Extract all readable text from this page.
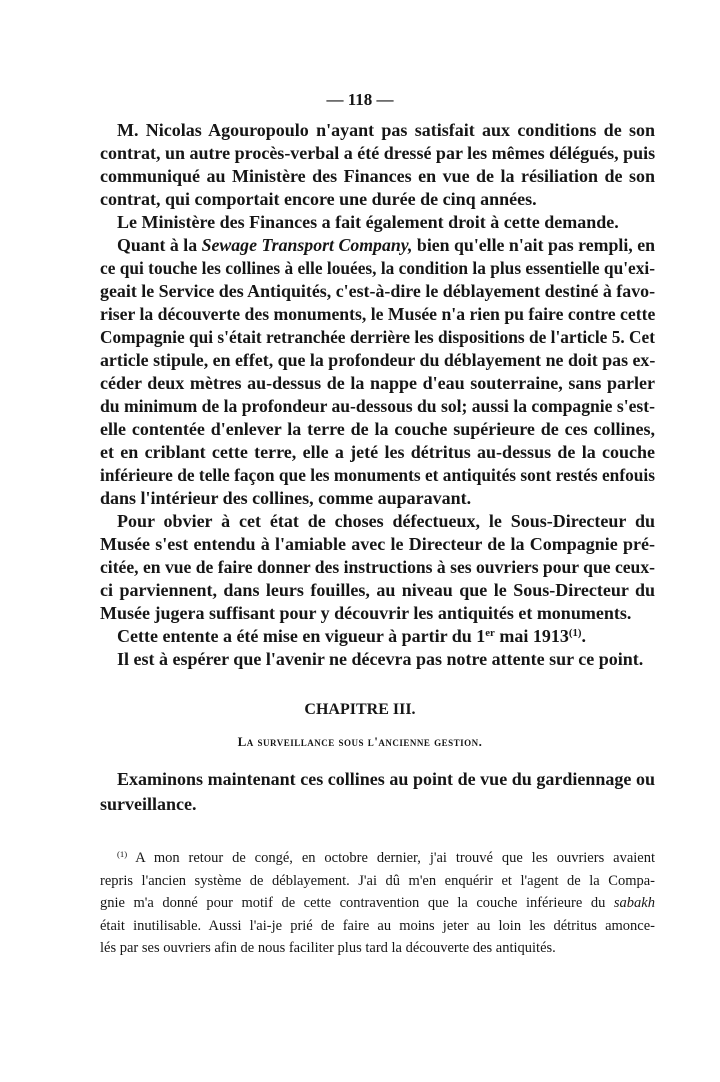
— 118 —
M. Nicolas Agouropoulo n'ayant pas satisfait aux conditions de son
contrat, un autre procès-verbal a été dressé par les mêmes délégués, puis
communiqué au Ministère des Finances en vue de la résiliation de son
contrat, qui comportait encore une durée de cinq années.
Le Ministère des Finances a fait également droit à cette demande.
Quant à la Sewage Transport Company, bien qu'elle n'ait pas rempli, en
ce qui touche les collines à elle louées, la condition la plus essentielle qu'exi-
geait le Service des Antiquités, c'est-à-dire le déblayement destiné à favo-
riser la découverte des monuments, le Musée n'a rien pu faire contre cette
Compagnie qui s'était retranchée derrière les dispositions de l'article 5. Cet
article stipule, en effet, que la profondeur du déblayement ne doit pas ex-
céder deux mètres au-dessus de la nappe d'eau souterraine, sans parler
du minimum de la profondeur au-dessous du sol; aussi la compagnie s'est-
elle contentée d'enlever la terre de la couche supérieure de ces collines,
et en criblant cette terre, elle a jeté les détritus au-dessus de la couche
inférieure de telle façon que les monuments et antiquités sont restés enfouis
dans l'intérieur des collines, comme auparavant.
Pour obvier à cet état de choses défectueux, le Sous-Directeur du
Musée s'est entendu à l'amiable avec le Directeur de la Compagnie pré-
citée, en vue de faire donner des instructions à ses ouvriers pour que ceux-
ci parviennent, dans leurs fouilles, au niveau que le Sous-Directeur du
Musée jugera suffisant pour y découvrir les antiquités et monuments.
Cette entente a été mise en vigueur à partir du 1er mai 1913$^{(1)}$.
Il est à espérer que l'avenir ne décevra pas notre attente sur ce point.
CHAPITRE III.
La surveillance sous l'ancienne gestion.
Examinons maintenant ces collines au point de vue du gardiennage ou
surveillance.
$^{(1)}$ A mon retour de congé, en octobre dernier, j'ai trouvé que les ouvriers avaient
repris l'ancien système de déblayement. J'ai dû m'en enquérir et l'agent de la Compa-
gnie m'a donné pour motif de cette contravention que la couche inférieure du sabakh
était inutilisable. Aussi l'ai-je prié de faire au moins jeter au loin les détritus amonce-
lés par ses ouvriers afin de nous faciliter plus tard la découverte des antiquités.
